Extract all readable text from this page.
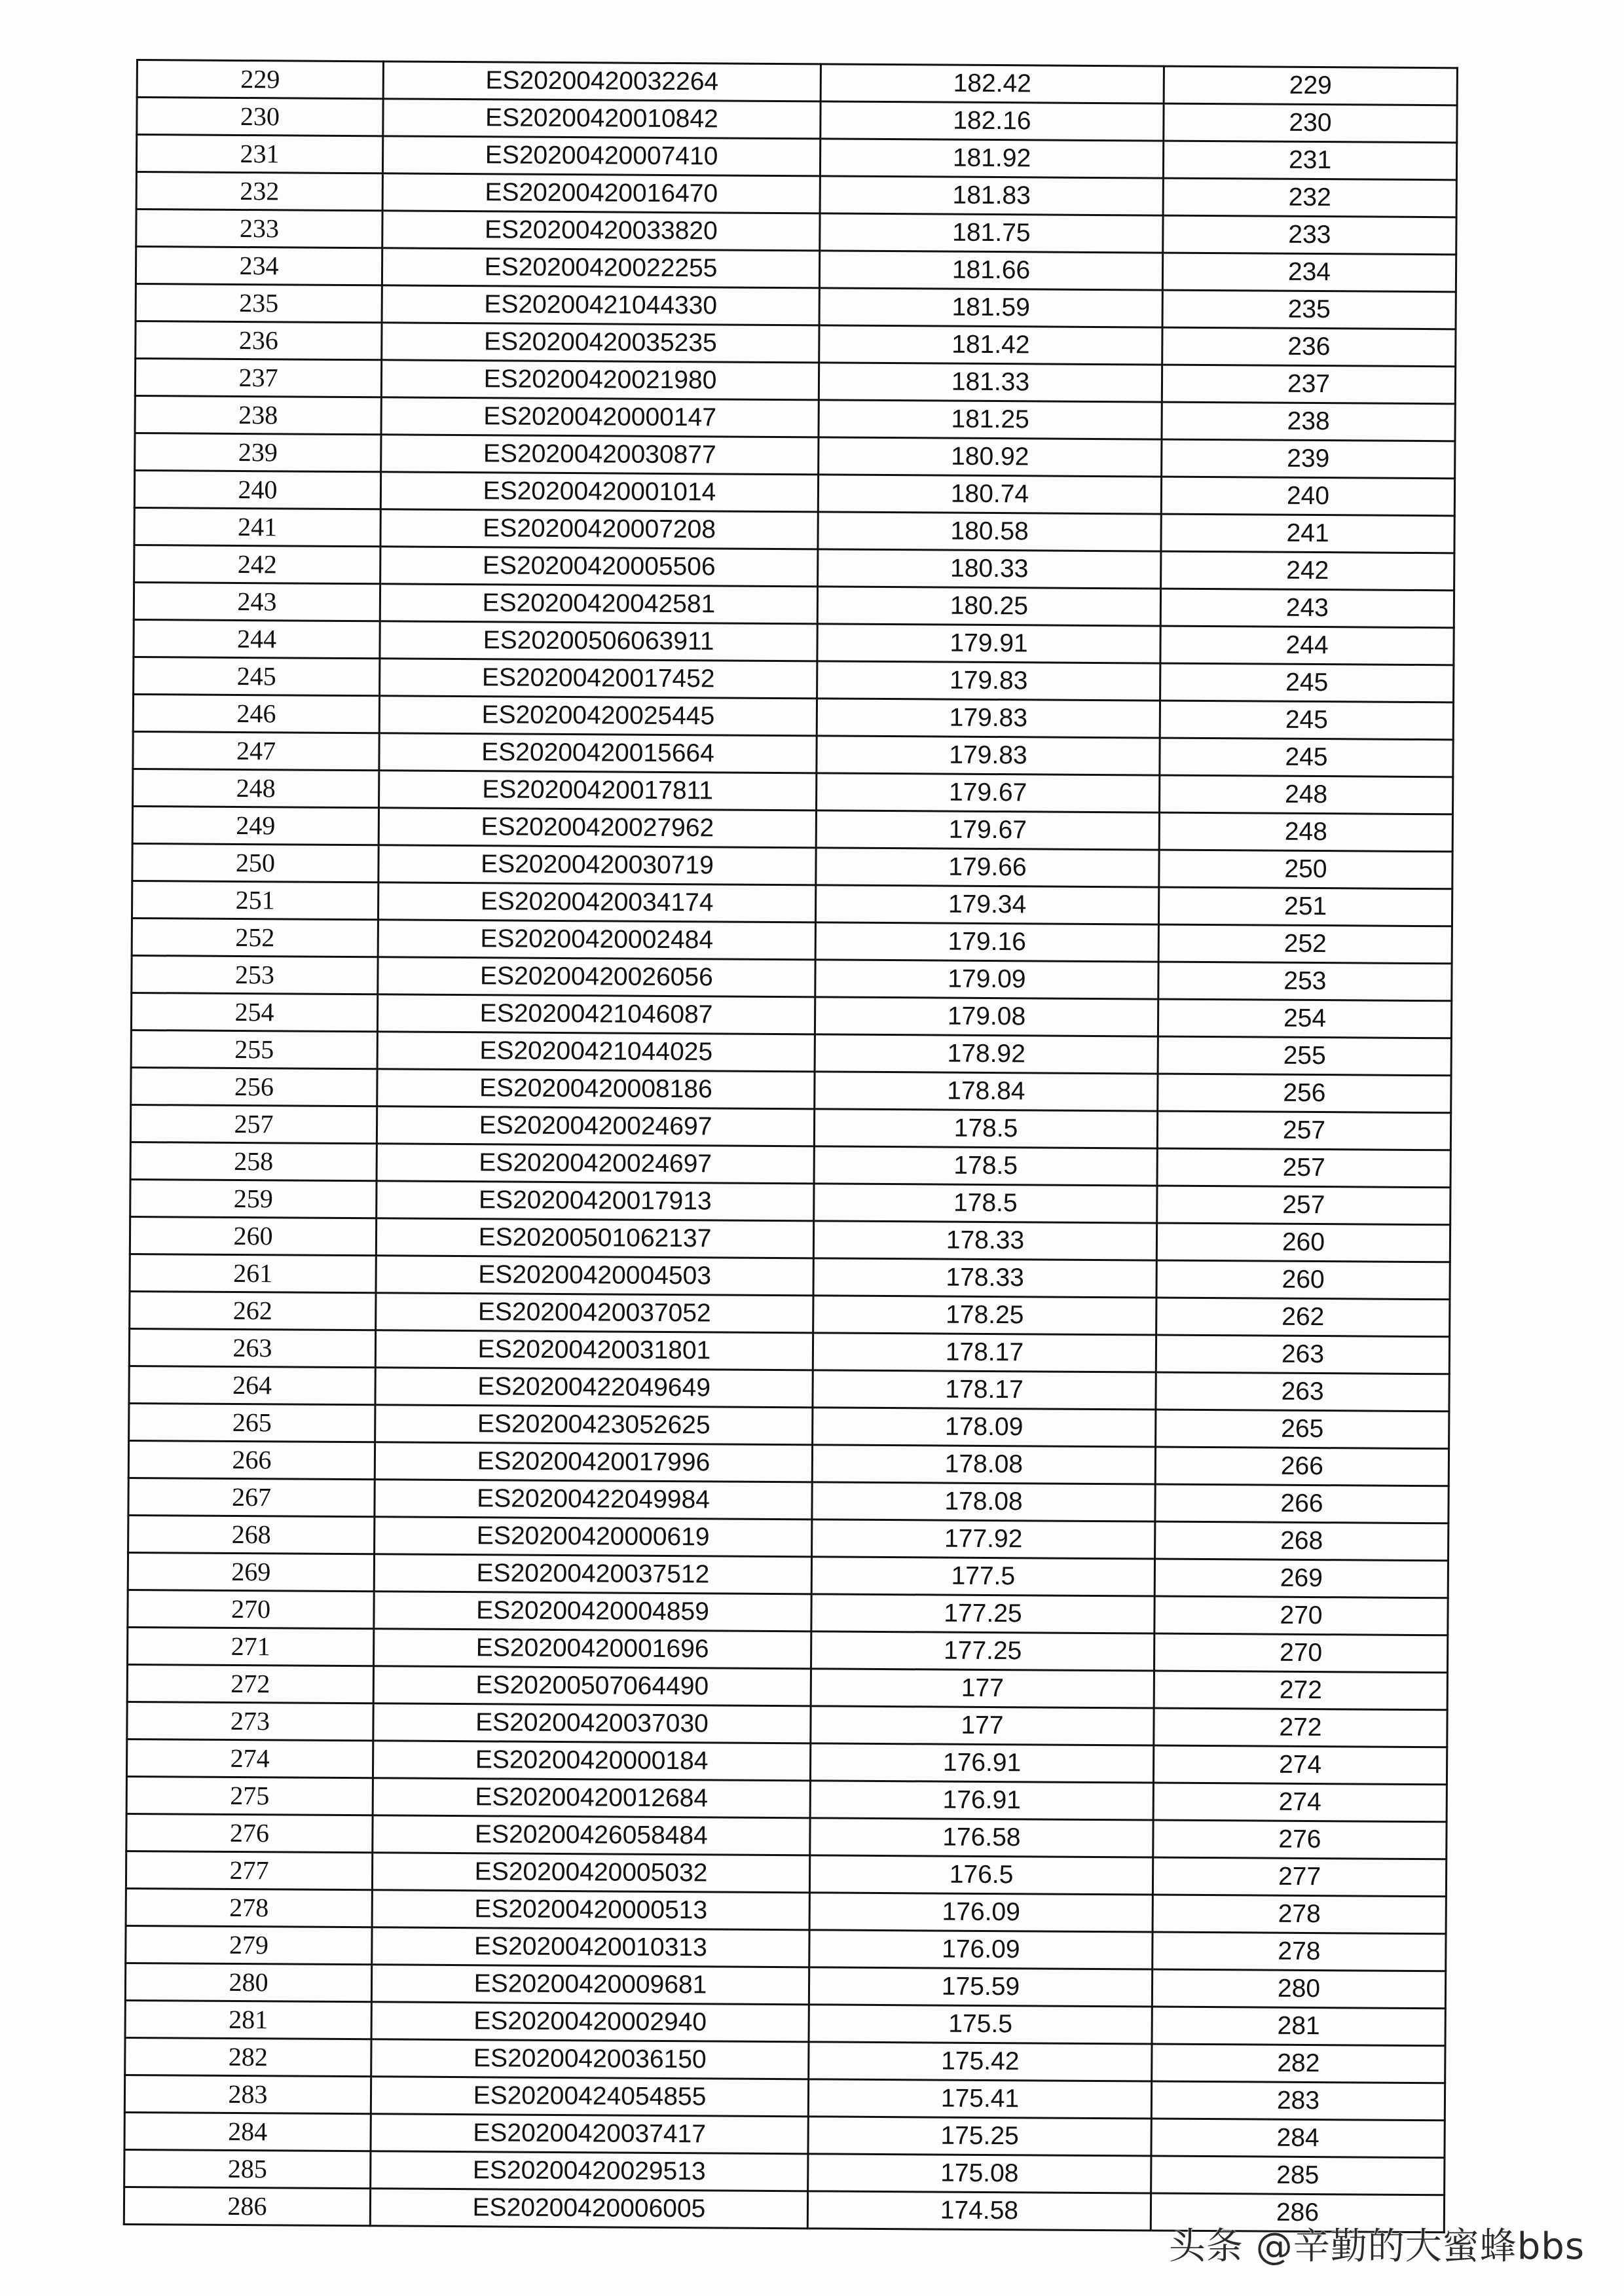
229	ES20200420032264	182.42	229
230	ES20200420010842	182.16	230
231	ES20200420007410	181.92	231
232	ES20200420016470	181.83	232
233	ES20200420033820	181.75	233
234	ES20200420022255	181.66	234
235	ES20200421044330	181.59	235
236	ES20200420035235	181.42	236
237	ES20200420021980	181.33	237
238	ES20200420000147	181.25	238
239	ES20200420030877	180.92	239
240	ES20200420001014	180.74	240
241	ES20200420007208	180.58	241
242	ES20200420005506	180.33	242
243	ES20200420042581	180.25	243
244	ES20200506063911	179.91	244
245	ES20200420017452	179.83	245
246	ES20200420025445	179.83	245
247	ES20200420015664	179.83	245
248	ES20200420017811	179.67	248
249	ES20200420027962	179.67	248
250	ES20200420030719	179.66	250
251	ES20200420034174	179.34	251
252	ES20200420002484	179.16	252
253	ES20200420026056	179.09	253
254	ES20200421046087	179.08	254
255	ES20200421044025	178.92	255
256	ES20200420008186	178.84	256
257	ES20200420024697	178.5	257
258	ES20200420024697	178.5	257
259	ES20200420017913	178.5	257
260	ES20200501062137	178.33	260
261	ES20200420004503	178.33	260
262	ES20200420037052	178.25	262
263	ES20200420031801	178.17	263
264	ES20200422049649	178.17	263
265	ES20200423052625	178.09	265
266	ES20200420017996	178.08	266
267	ES20200422049984	178.08	266
268	ES20200420000619	177.92	268
269	ES20200420037512	177.5	269
270	ES20200420004859	177.25	270
271	ES20200420001696	177.25	270
272	ES20200507064490	177	272
273	ES20200420037030	177	272
274	ES20200420000184	176.91	274
275	ES20200420012684	176.91	274
276	ES20200426058484	176.58	276
277	ES20200420005032	176.5	277
278	ES20200420000513	176.09	278
279	ES20200420010313	176.09	278
280	ES20200420009681	175.59	280
281	ES20200420002940	175.5	281
282	ES20200420036150	175.42	282
283	ES20200424054855	175.41	283
284	ES20200420037417	175.25	284
285	ES20200420029513	175.08	285
286	ES20200420006005	174.58	286
头条 @辛勤的大蜜蜂bbs
